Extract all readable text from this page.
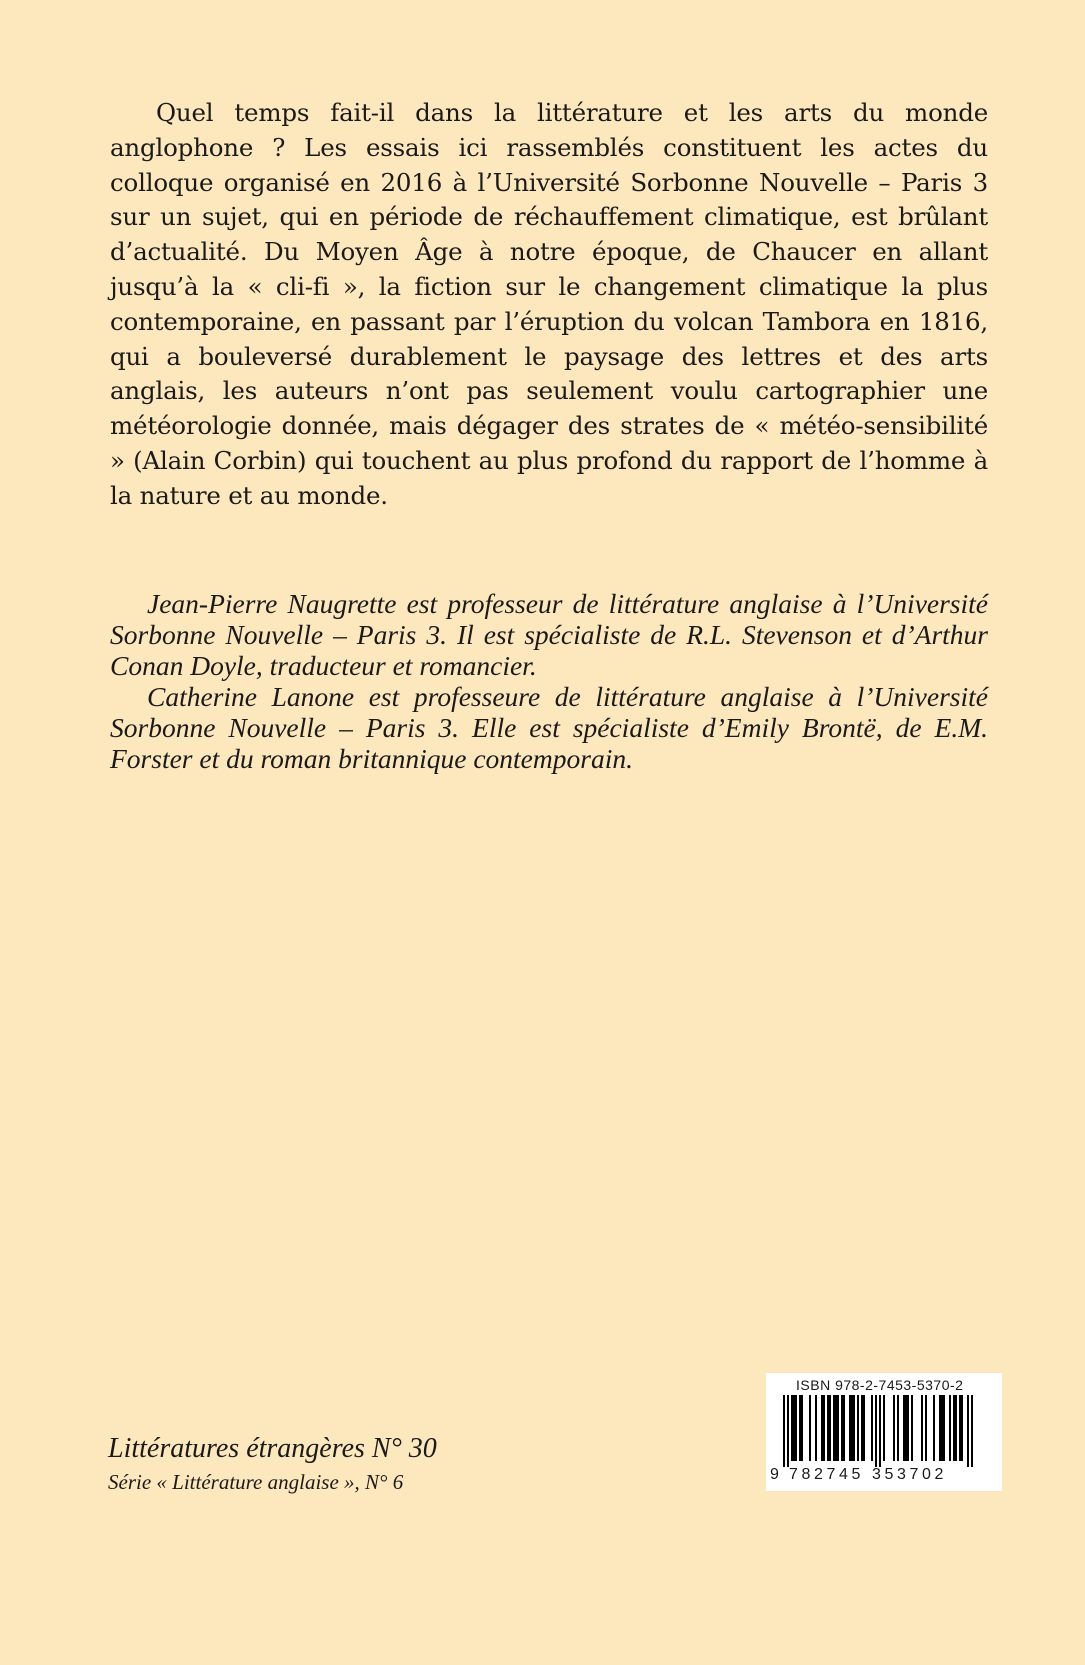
Quel temps fait-il dans la littérature et les arts du monde anglophone ? Les essais ici rassemblés constituent les actes du colloque organisé en 2016 à l’Université Sorbonne Nouvelle – Paris 3 sur un sujet, qui en période de réchauffement climatique, est brûlant d’actualité. Du Moyen Âge à notre époque, de Chaucer en allant jusqu’à la « cli-fi », la fiction sur le changement climatique la plus contemporaine, en passant par l’éruption du volcan Tambora en 1816, qui a bouleversé durablement le paysage des lettres et des arts anglais, les auteurs n’ont pas seulement voulu cartographier une météorologie donnée, mais dégager des strates de « météo-sensibilité » (Alain Corbin) qui touchent au plus profond du rapport de l’homme à la nature et au monde.

Jean-Pierre Naugrette est professeur de littérature anglaise à l’Université Sorbonne Nouvelle – Paris 3. Il est spécialiste de R.L. Stevenson et d’Arthur Conan Doyle, traducteur et romancier.

Catherine Lanone est professeure de littérature anglaise à l’Université Sorbonne Nouvelle – Paris 3. Elle est spécialiste d’Emily Brontë, de E.M. Forster et du roman britannique contemporain.

Littératures étrangères N° 30
Série « Littérature anglaise », N° 6
ISBN 978-2-7453-5370-2
9 782745 353702
